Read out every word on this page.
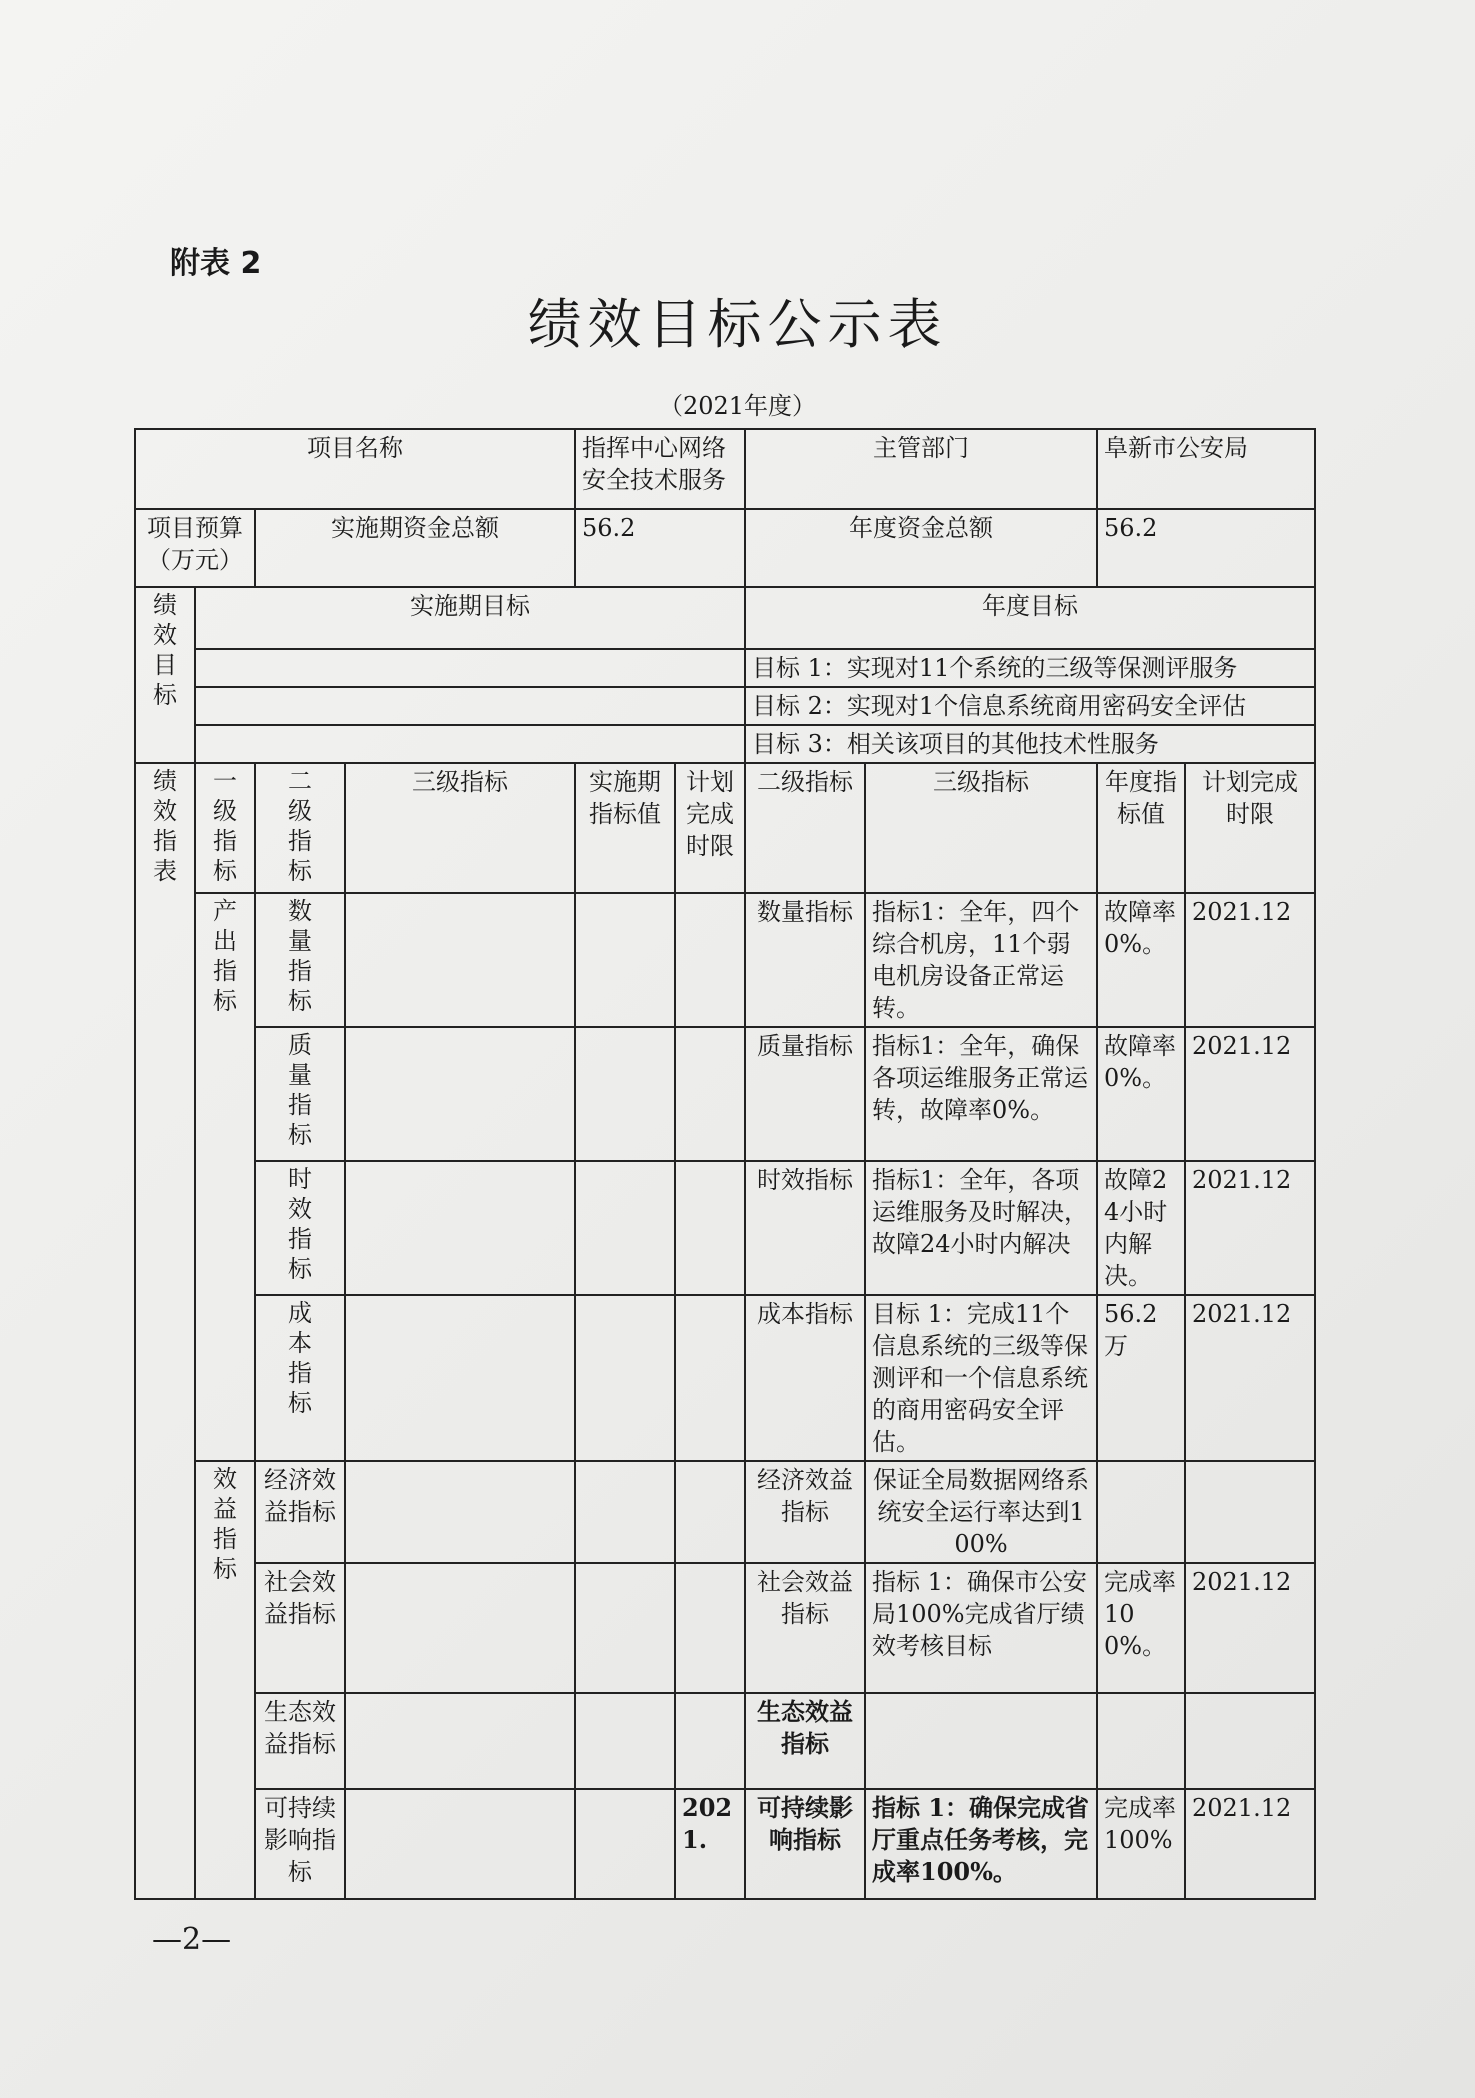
附表 2
绩效目标公示表
（2021年度）
项目名称				指挥中心网络安全技术服务		主管部门		阜新市公安局	
项目预算（万元）		实施期资金总额		56.2		年度资金总额		56.2	
绩效目标	实施期目标					年度目标			
						目标 1：实现对11个系统的三级等保测评服务			
						目标 2：实现对1个信息系统商用密码安全评估			
						目标 3：相关该项目的其他技术性服务			
绩效指表	一级指标	二级指标	三级指标	实施期指标值	计划完成时限	二级指标	三级指标	年度指标值	计划完成时限
	产出指标	数量指标				数量指标	指标1：全年，四个综合机房，11个弱电机房设备正常运转。	故障率0%。	2021.12
		质量指标				质量指标	指标1：全年，确保各项运维服务正常运转，故障率0%。	故障率0%。	2021.12
		时效指标				时效指标	指标1：全年，各项运维服务及时解决，故障24小时内解决	故障24小时内解决。	2021.12
		成本指标				成本指标	目标 1：完成11个信息系统的三级等保测评和一个信息系统的商用密码安全评估。	56.2万	2021.12
	效益指标	经济效益指标				经济效益指标	保证全局数据网络系统安全运行率达到100%		
		社会效益指标				社会效益指标	指标 1：确保市公安局100%完成省厅绩效考核目标	完成率100%。	2021.12
		生态效益指标				生态效益指标			
		可持续影响指标			2021.	可持续影响指标	指标 1：确保完成省厅重点任务考核，完成率100%。	完成率100%	2021.12
—2—
